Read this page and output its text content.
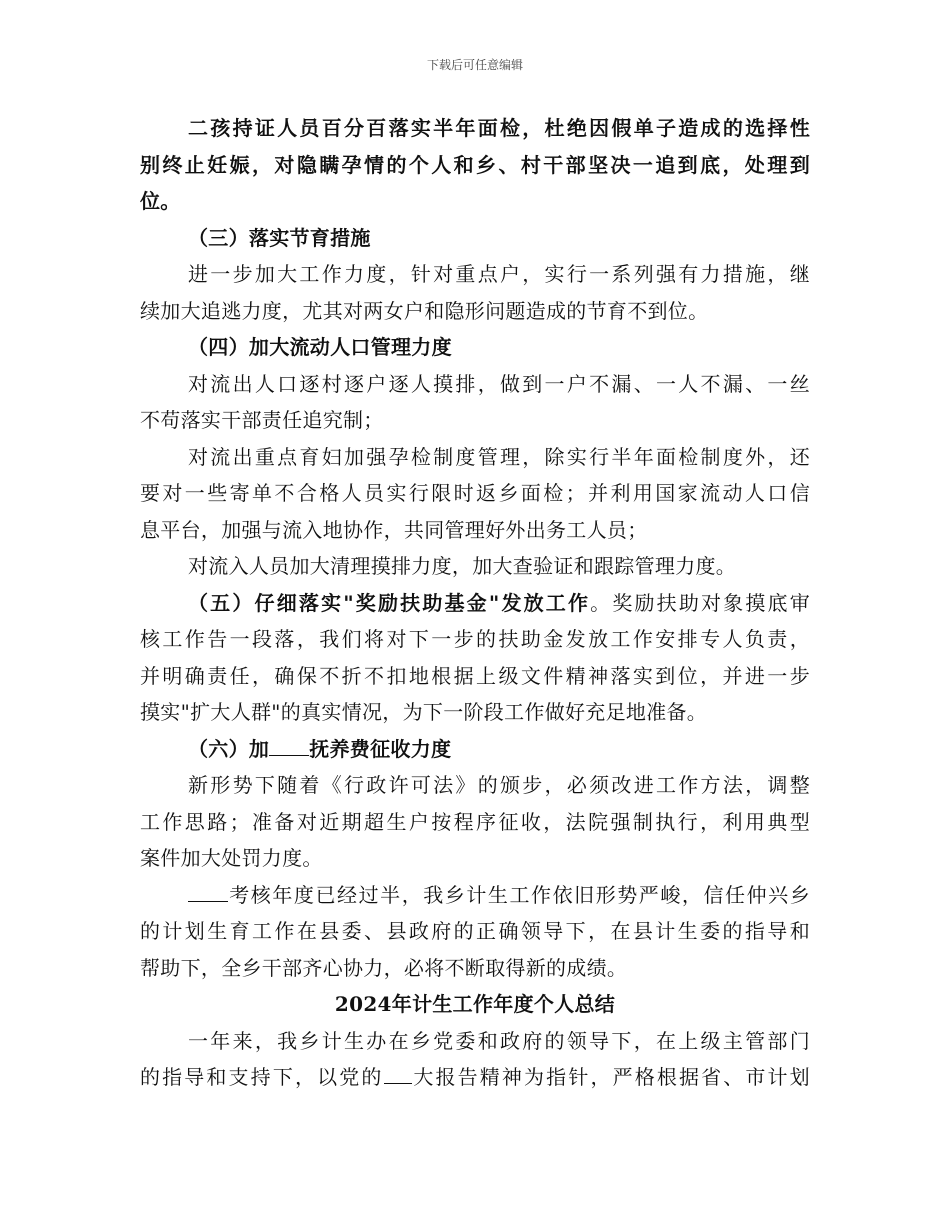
下载后可任意编辑
二孩持证人员百分百落实半年面检，杜绝因假单子造成的选择性
别终止妊娠，对隐瞒孕情的个人和乡、村干部坚决一追到底，处理到
位。
（三）落实节育措施
进一步加大工作力度，针对重点户，实行一系列强有力措施，继
续加大追逃力度，尤其对两女户和隐形问题造成的节育不到位。
（四）加大流动人口管理力度
对流出人口逐村逐户逐人摸排，做到一户不漏、一人不漏、一丝
不苟落实干部责任追究制；
对流出重点育妇加强孕检制度管理，除实行半年面检制度外，还
要对一些寄单不合格人员实行限时返乡面检；并利用国家流动人口信
息平台，加强与流入地协作，共同管理好外出务工人员；
对流入人员加大清理摸排力度，加大查验证和跟踪管理力度。
（五）仔细落实"奖励扶助基金"发放工作。奖励扶助对象摸底审
核工作告一段落，我们将对下一步的扶助金发放工作安排专人负责，
并明确责任，确保不折不扣地根据上级文件精神落实到位，并进一步
摸实"扩大人群"的真实情况，为下一阶段工作做好充足地准备。
（六）加 抚养费征收力度
新形势下随着《行政许可法》的颁步，必须改进工作方法，调整
工作思路；准备对近期超生户按程序征收，法院强制执行，利用典型
案件加大处罚力度。
考核年度已经过半，我乡计生工作依旧形势严峻，信任仲兴乡
的计划生育工作在县委、县政府的正确领导下，在县计生委的指导和
帮助下，全乡干部齐心协力，必将不断取得新的成绩。
2024年计生工作年度个人总结
一年来，我乡计生办在乡党委和政府的领导下，在上级主管部门
的指导和支持下，以党的 大报告精神为指针，严格根据省、市计划
